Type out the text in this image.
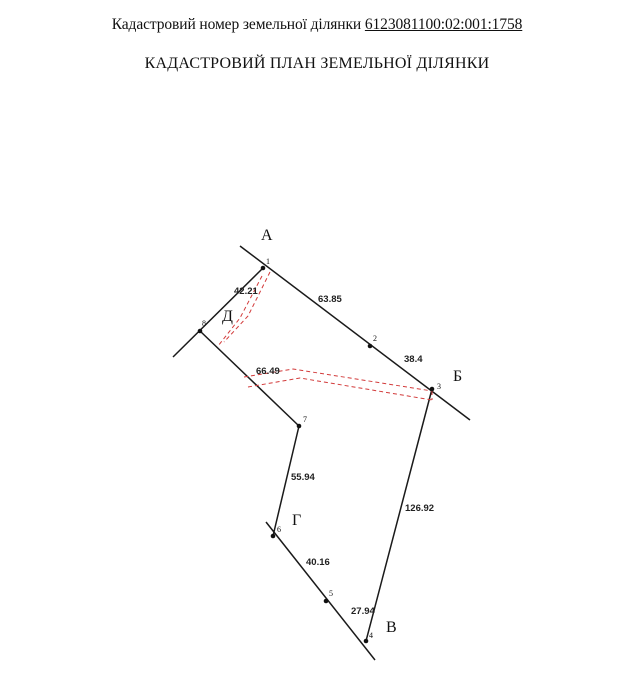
Кадастровий номер земельної ділянки 6123081100:02:001:1758
КАДАСТРОВИЙ ПЛАН ЗЕМЕЛЬНОЇ ДІЛЯНКИ
1
2
3
4
5
6
7
8
А
Б
В
Г
Д
63.85
38.4
126.92
27.94
40.16
55.94
66.49
42.21
